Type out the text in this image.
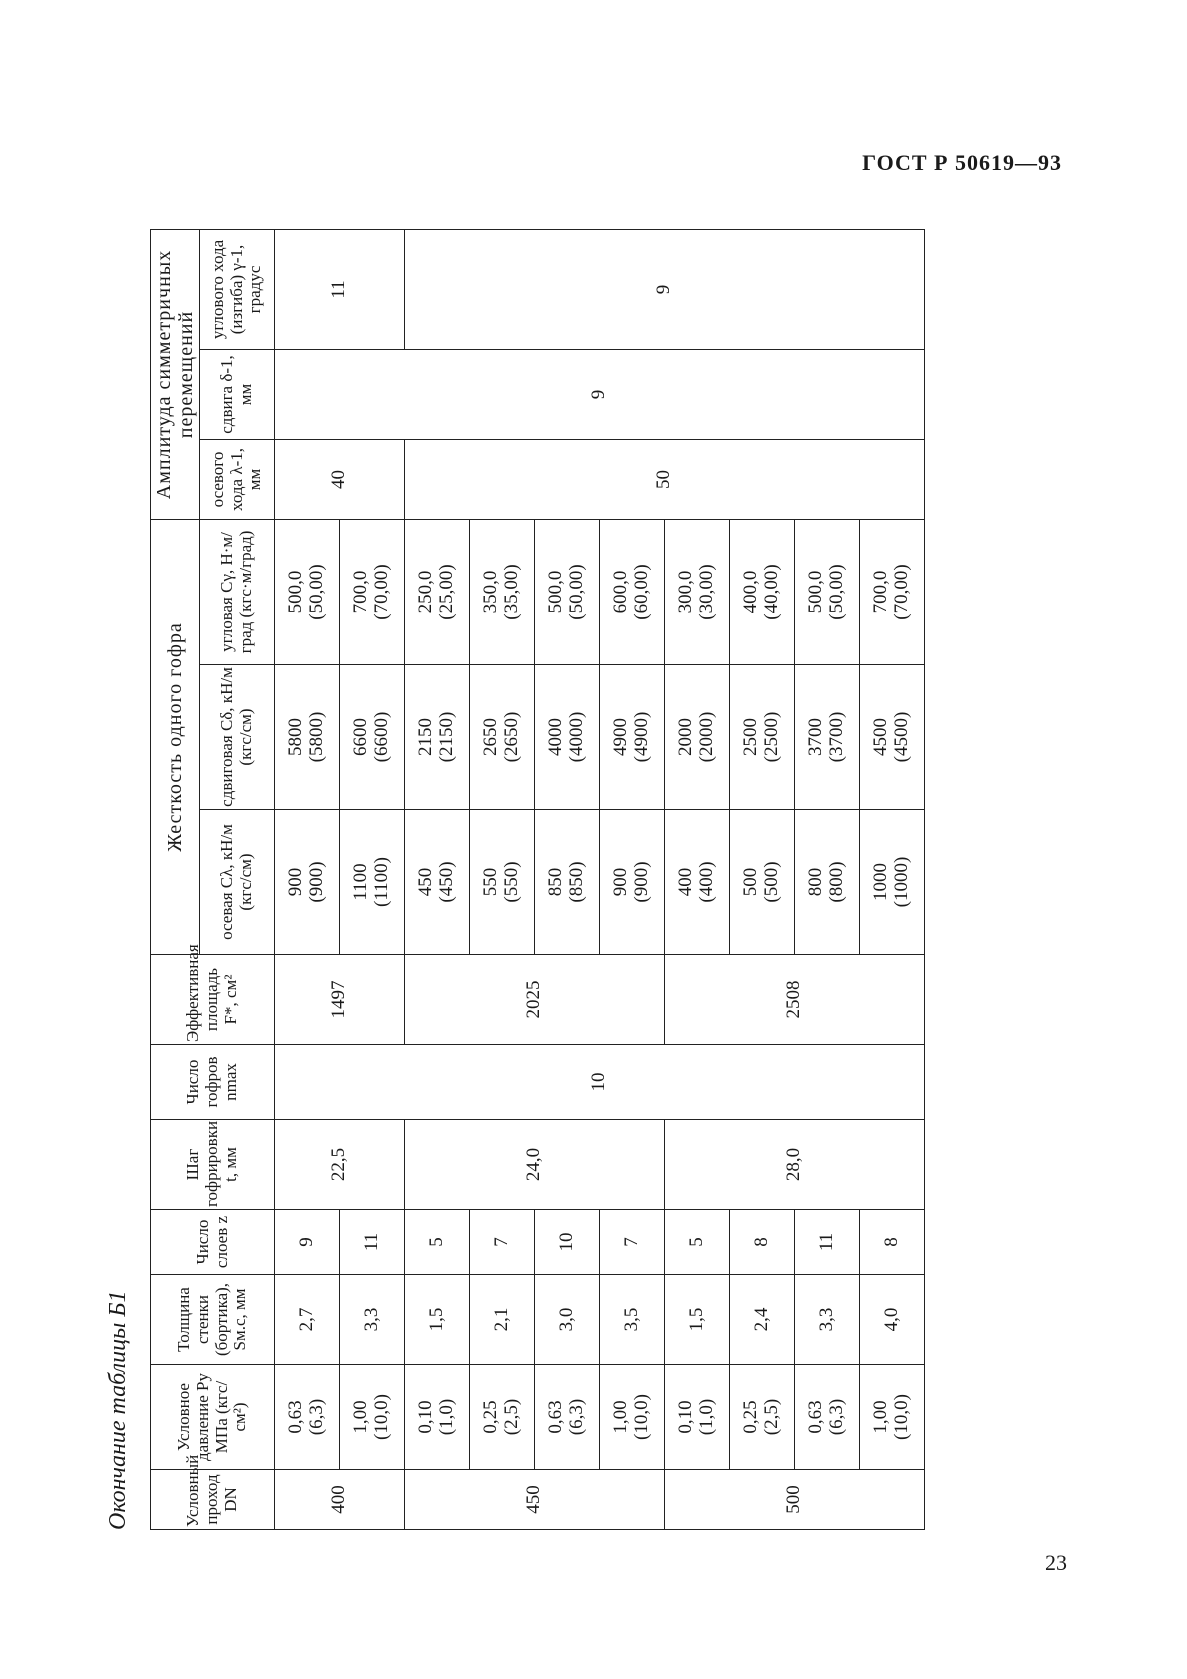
ГОСТ Р 50619—93
23
Окончание таблицы Б1	Условный проход DN	Условное давление Pу МПа (кгс/см²)	Толщина стенки (бортика), Sм.с, мм	Число слоев z	Шаг гофрировки t, мм	Число гофров nmax	Эффективная площадь F*, см²	Жесткость одного гофра			Амплитуда симметричных перемещений		
							осевая Cλ, кН/м (кгс/см)	сдвиговая Cδ, кН/м (кгс/см)	угловая Cγ, Н·м/град (кгс·м/град)	осевого хода λ-1, мм	сдвига δ-1, мм	углового хода (изгиба) γ-1, градус
400	0,63 (6,3)	2,7	9	22,5	10	1497	900 (900)	5800 (5800)	500,0 (50,00)	40	9	11

	1,00 (10,0)	3,3	11				1100 (1100)	6600 (6600)	700,0 (70,00)			

450	0,10 (1,0)	1,5	5	24,0		2025	450 (450)	2150 (2150)	250,0 (25,00)	50		9

	0,25 (2,5)	2,1	7				550 (550)	2650 (2650)	350,0 (35,00)			

	0,63 (6,3)	3,0	10				850 (850)	4000 (4000)	500,0 (50,00)			

	1,00 (10,0)	3,5	7				900 (900)	4900 (4900)	600,0 (60,00)			

500	0,10 (1,0)	1,5	5	28,0		2508	400 (400)	2000 (2000)	300,0 (30,00)			

	0,25 (2,5)	2,4	8				500 (500)	2500 (2500)	400,0 (40,00)			

	0,63 (6,3)	3,3	11				800 (800)	3700 (3700)	500,0 (50,00)			

	1,00 (10,0)	4,0	8				1000 (1000)	4500 (4500)	700,0 (70,00)			
